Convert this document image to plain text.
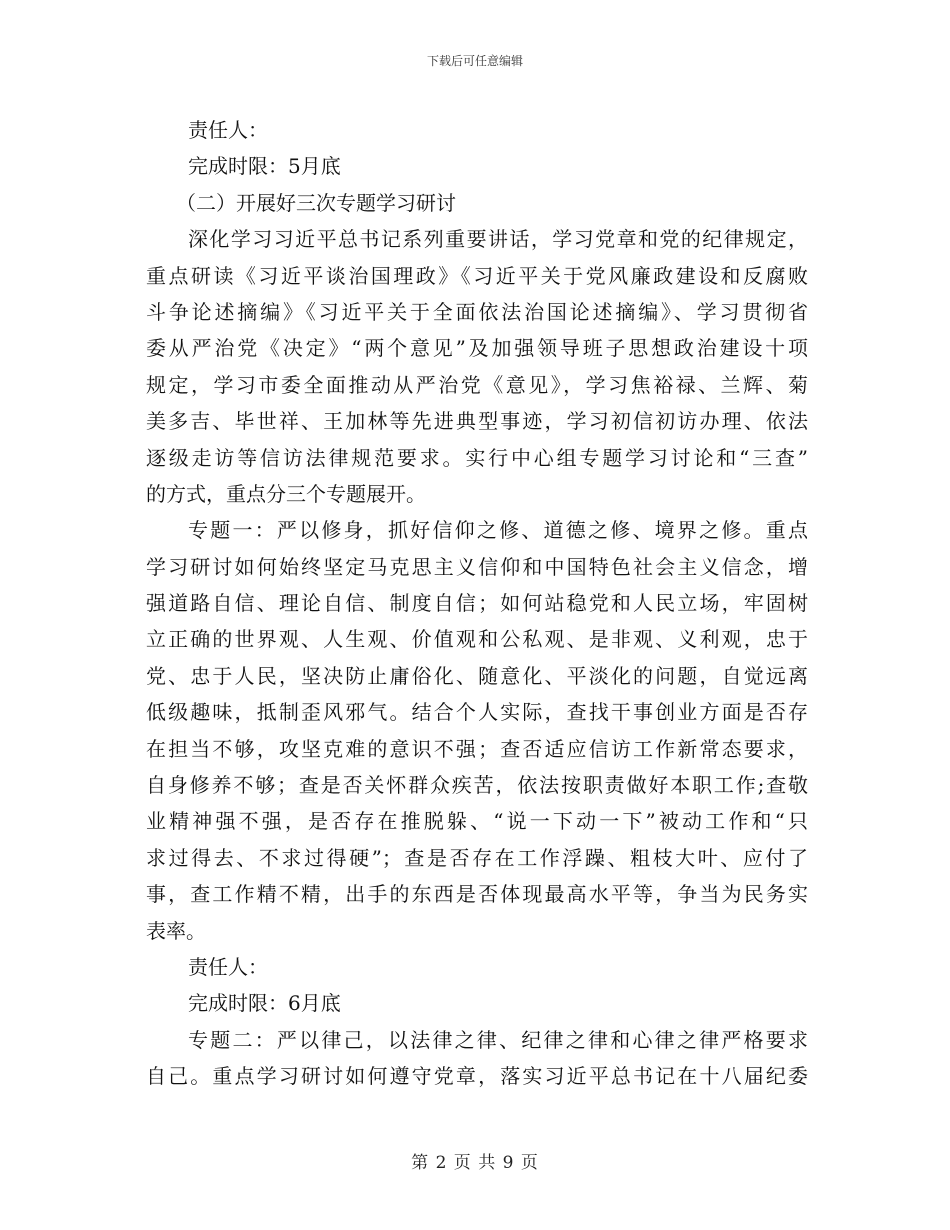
下载后可任意编辑
责任人：
完成时限：5月底
（二）开展好三次专题学习研讨
深化学习习近平总书记系列重要讲话，学习党章和党的纪律规定，
重点研读《习近平谈治国理政》《习近平关于党风廉政建设和反腐败
斗争论述摘编》《习近平关于全面依法治国论述摘编》、学习贯彻省
委从严治党《决定》“两个意见”及加强领导班子思想政治建设十项
规定，学习市委全面推动从严治党《意见》，学习焦裕禄、兰辉、菊
美多吉、毕世祥、王加林等先进典型事迹，学习初信初访办理、依法
逐级走访等信访法律规范要求。实行中心组专题学习讨论和“三查”
的方式，重点分三个专题展开。
专题一：严以修身，抓好信仰之修、道德之修、境界之修。重点
学习研讨如何始终坚定马克思主义信仰和中国特色社会主义信念，增
强道路自信、理论自信、制度自信；如何站稳党和人民立场，牢固树
立正确的世界观、人生观、价值观和公私观、是非观、义利观，忠于
党、忠于人民，坚决防止庸俗化、随意化、平淡化的问题，自觉远离
低级趣味，抵制歪风邪气。结合个人实际，查找干事创业方面是否存
在担当不够，攻坚克难的意识不强；查否适应信访工作新常态要求，
自身修养不够；查是否关怀群众疾苦，依法按职责做好本职工作;查敬
业精神强不强，是否存在推脱躲、“说一下动一下”被动工作和“只
求过得去、不求过得硬”；查是否存在工作浮躁、粗枝大叶、应付了
事，查工作精不精，出手的东西是否体现最高水平等，争当为民务实
表率。
责任人：
完成时限：6月底
专题二：严以律己，以法律之律、纪律之律和心律之律严格要求
自己。重点学习研讨如何遵守党章，落实习近平总书记在十八届纪委
第 2 页 共 9 页
